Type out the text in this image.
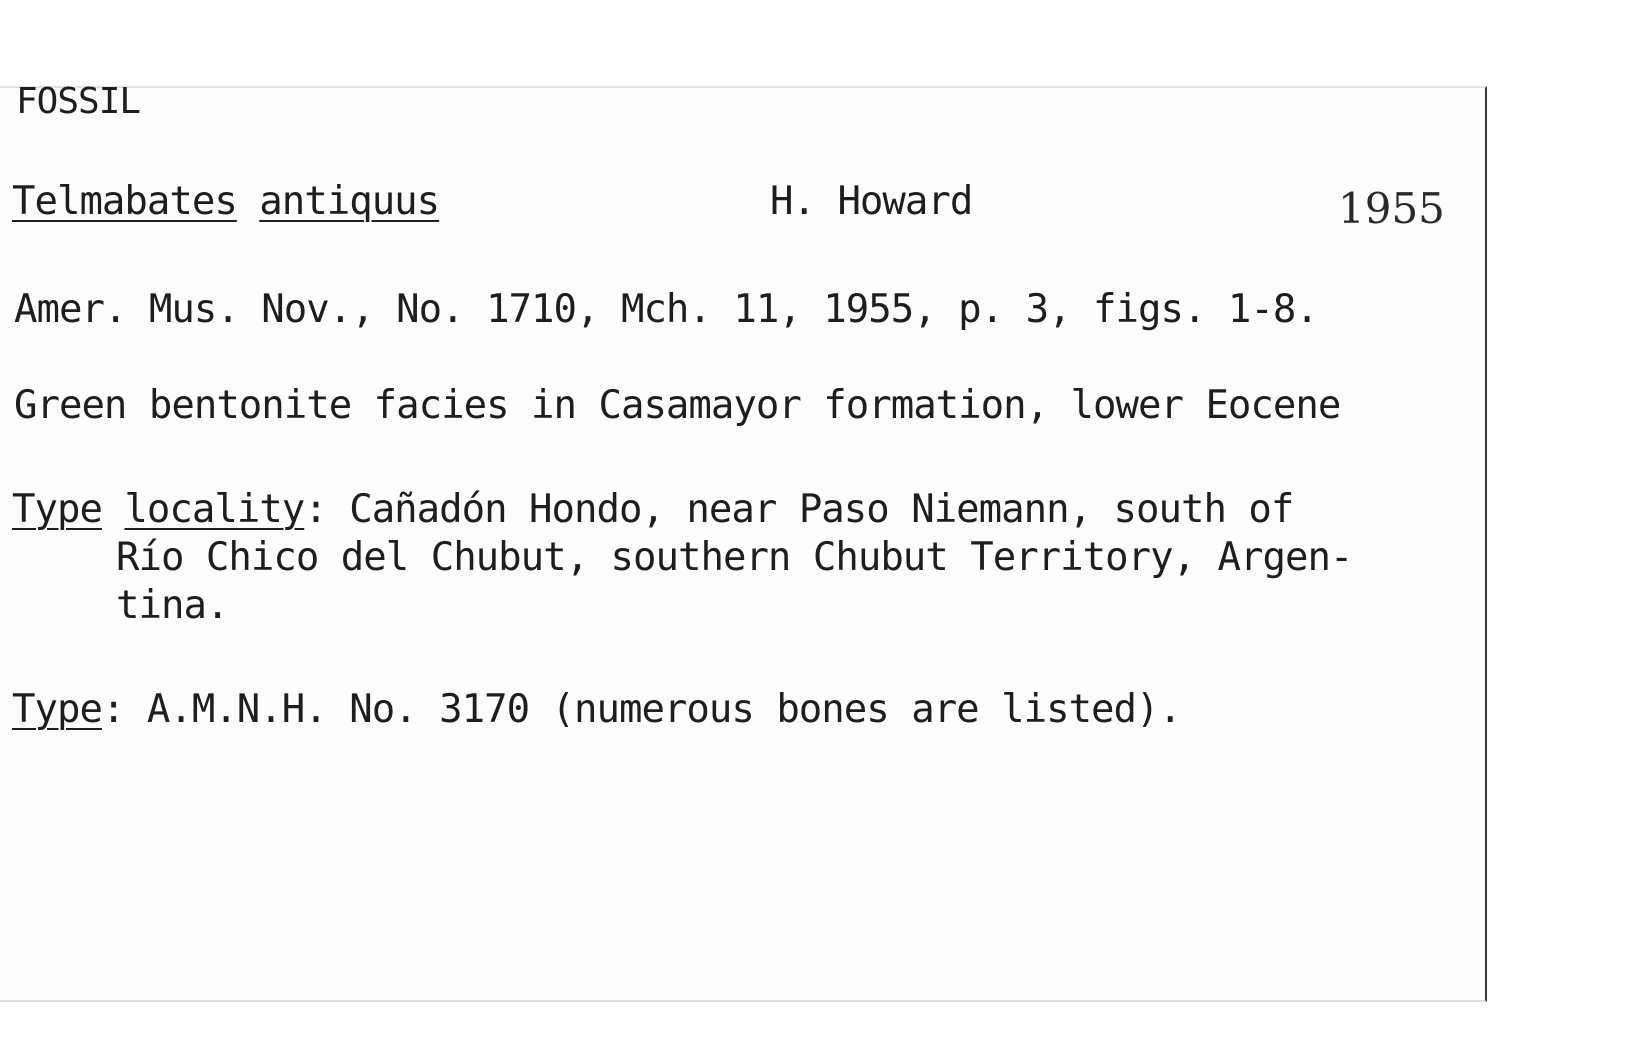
FOSSIL
Telmabates antiquus	H. Howard	1955
Amer. Mus. Nov., No. 1710, Mch. 11, 1955, p. 3, figs. 1-8.
Green bentonite facies in Casamayor formation, lower Eocene
Type locality: Cañadón Hondo, near Paso Niemann, south of
Río Chico del Chubut, southern Chubut Territory, Argen-
tina.
Type: A.M.N.H. No. 3170 (numerous bones are listed).
